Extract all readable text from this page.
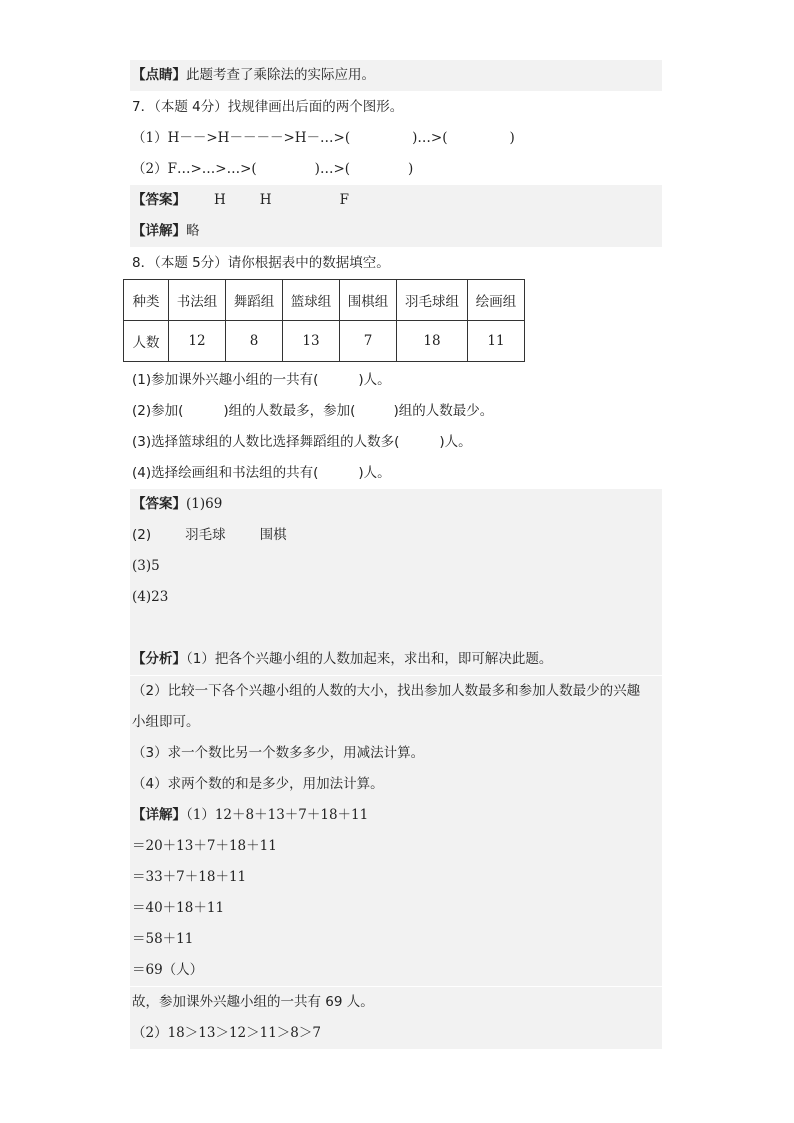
【点睛】此题考查了乘除法的实际应用。
7．（本题 4分）找规律画出后面的两个图形。
（1）H－－>H－－－－>H－…>(	)…>(	)
（2）F…>…>…>(	)…>(	)
【答案】 H	H	F
【详解】略
8．（本题 5分）请你根据表中的数据填空。
种类	书法组	舞蹈组	篮球组	围棋组	羽毛球组	绘画组
人数	12	8	13	7	18	11
(1)参加课外兴趣小组的一共有(	)人。
(2)参加(	)组的人数最多，参加(	)组的人数最少。
(3)选择篮球组的人数比选择舞蹈组的人数多(	)人。
(4)选择绘画组和书法组的共有(	)人。
【答案】(1)69
(2)	羽毛球	围棋
(3)5
(4)23
【分析】（1）把各个兴趣小组的人数加起来，求出和，即可解决此题。
（2）比较一下各个兴趣小组的人数的大小，找出参加人数最多和参加人数最少的兴趣
小组即可。
（3）求一个数比另一个数多多少，用减法计算。
（4）求两个数的和是多少，用加法计算。
【详解】（1）12＋8＋13＋7＋18＋11
＝20＋13＋7＋18＋11
＝33＋7＋18＋11
＝40＋18＋11
＝58＋11
＝69（人）
故，参加课外兴趣小组的一共有 69 人。
（2）18＞13＞12＞11＞8＞7
